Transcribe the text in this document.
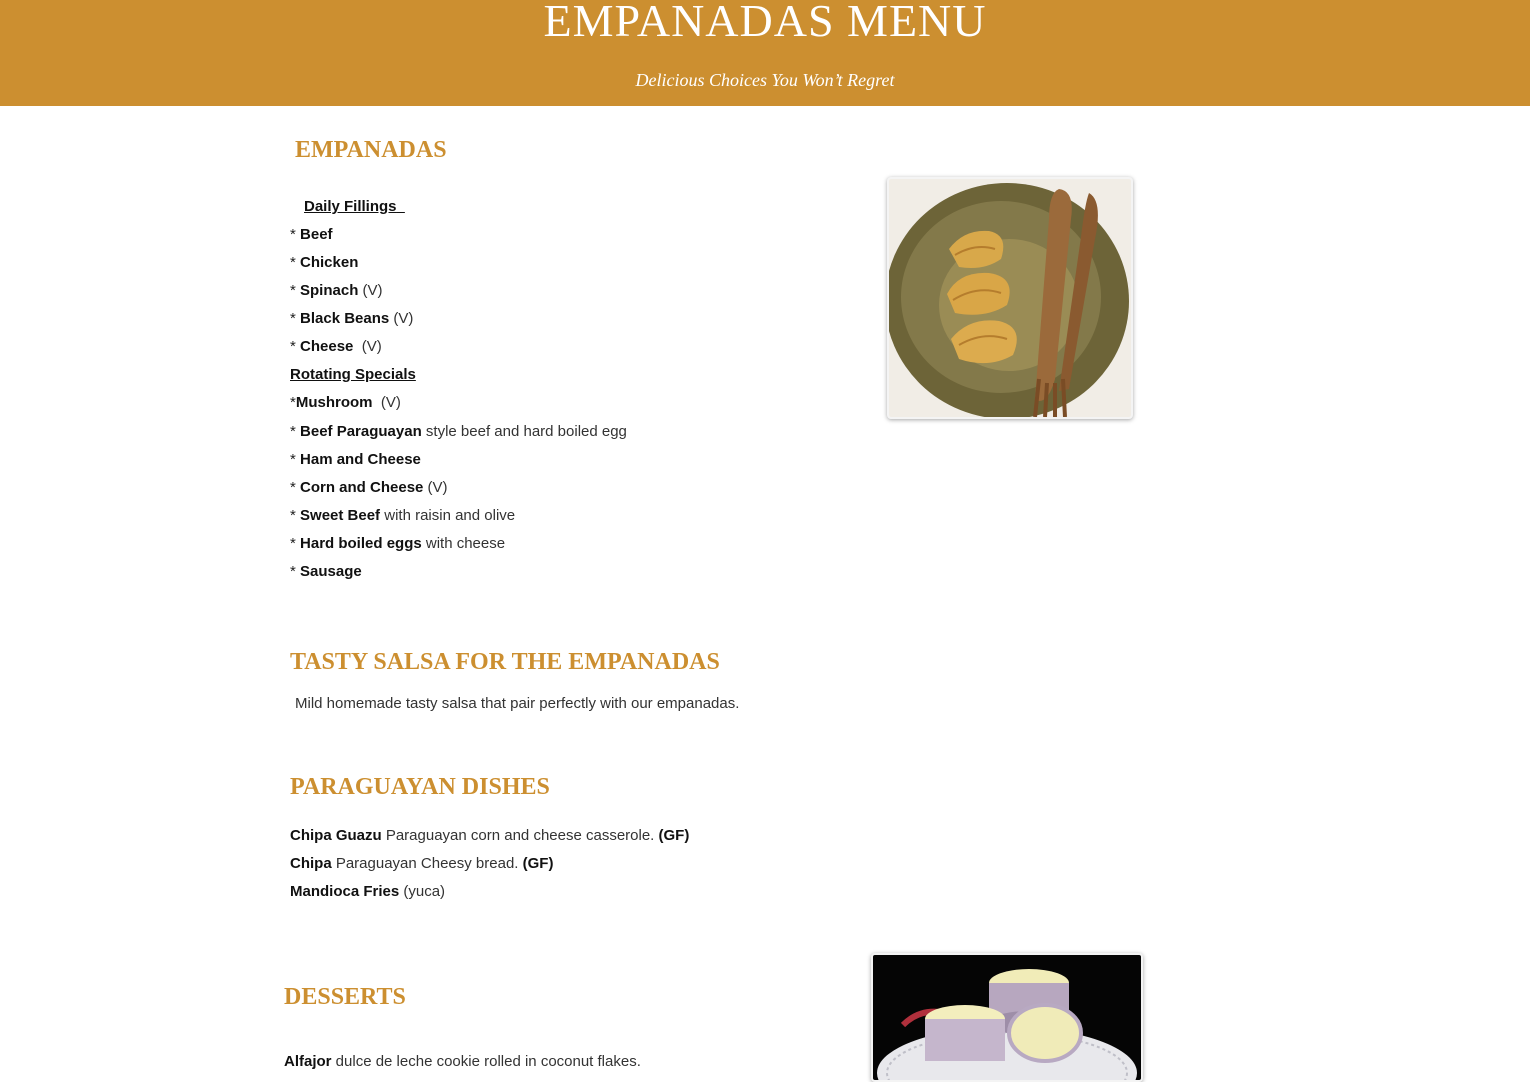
EMPANADAS MENU
Delicious Choices You Won’t Regret
EMPANADAS
Daily Fillings
* Beef
* Chicken
* Spinach (V)
* Black Beans (V)
* Cheese  (V)
Rotating Specials
*Mushroom  (V)
* Beef Paraguayan style beef and hard boiled egg
* Ham and Cheese
* Corn and Cheese (V)
* Sweet Beef with raisin and olive
* Hard boiled eggs with cheese
* Sausage
TASTY SALSA FOR THE EMPANADAS
Mild homemade tasty salsa that pair perfectly with our empanadas.
PARAGUAYAN DISHES
Chipa Guazu Paraguayan corn and cheese casserole. (GF)
Chipa Paraguayan Cheesy bread. (GF)
Mandioca Fries (yuca)
DESSERTS
Alfajor dulce de leche cookie rolled in coconut flakes.
